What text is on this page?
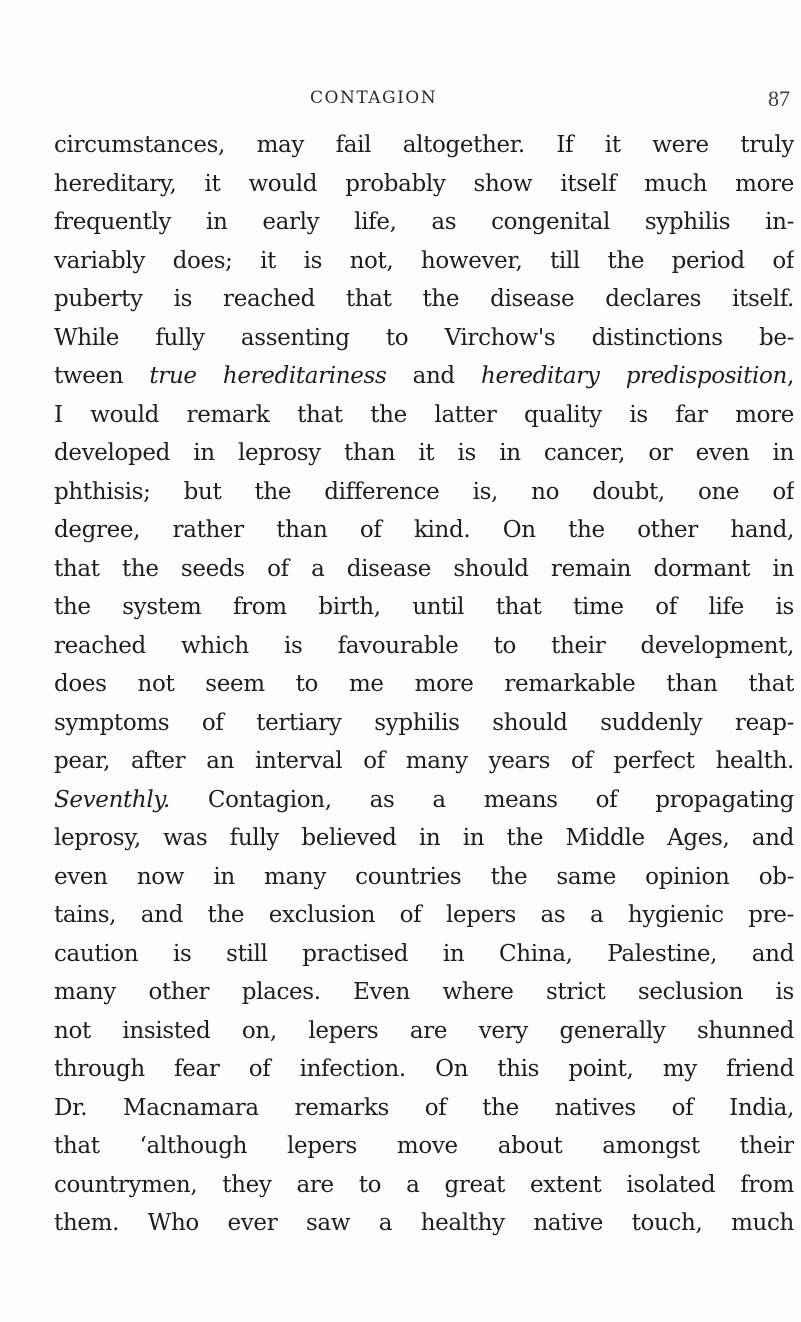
CONTAGION	87
circumstances, may fail altogether. If it were truly
hereditary, it would probably show itself much more
frequently in early life, as congenital syphilis in-
variably does; it is not, however, till the period of
puberty is reached that the disease declares itself.
While fully assenting to Virchow's distinctions be-
tween true hereditariness and hereditary predisposition,
I would remark that the latter quality is far more
developed in leprosy than it is in cancer, or even in
phthisis; but the difference is, no doubt, one of
degree, rather than of kind. On the other hand,
that the seeds of a disease should remain dormant in
the system from birth, until that time of life is
reached which is favourable to their development,
does not seem to me more remarkable than that
symptoms of tertiary syphilis should suddenly reap-
pear, after an interval of many years of perfect health.
Seventhly. Contagion, as a means of propagating
leprosy, was fully believed in in the Middle Ages, and
even now in many countries the same opinion ob-
tains, and the exclusion of lepers as a hygienic pre-
caution is still practised in China, Palestine, and
many other places. Even where strict seclusion is
not insisted on, lepers are very generally shunned
through fear of infection. On this point, my friend
Dr. Macnamara remarks of the natives of India,
that ‘although lepers move about amongst their
countrymen, they are to a great extent isolated from
them. Who ever saw a healthy native touch, much
